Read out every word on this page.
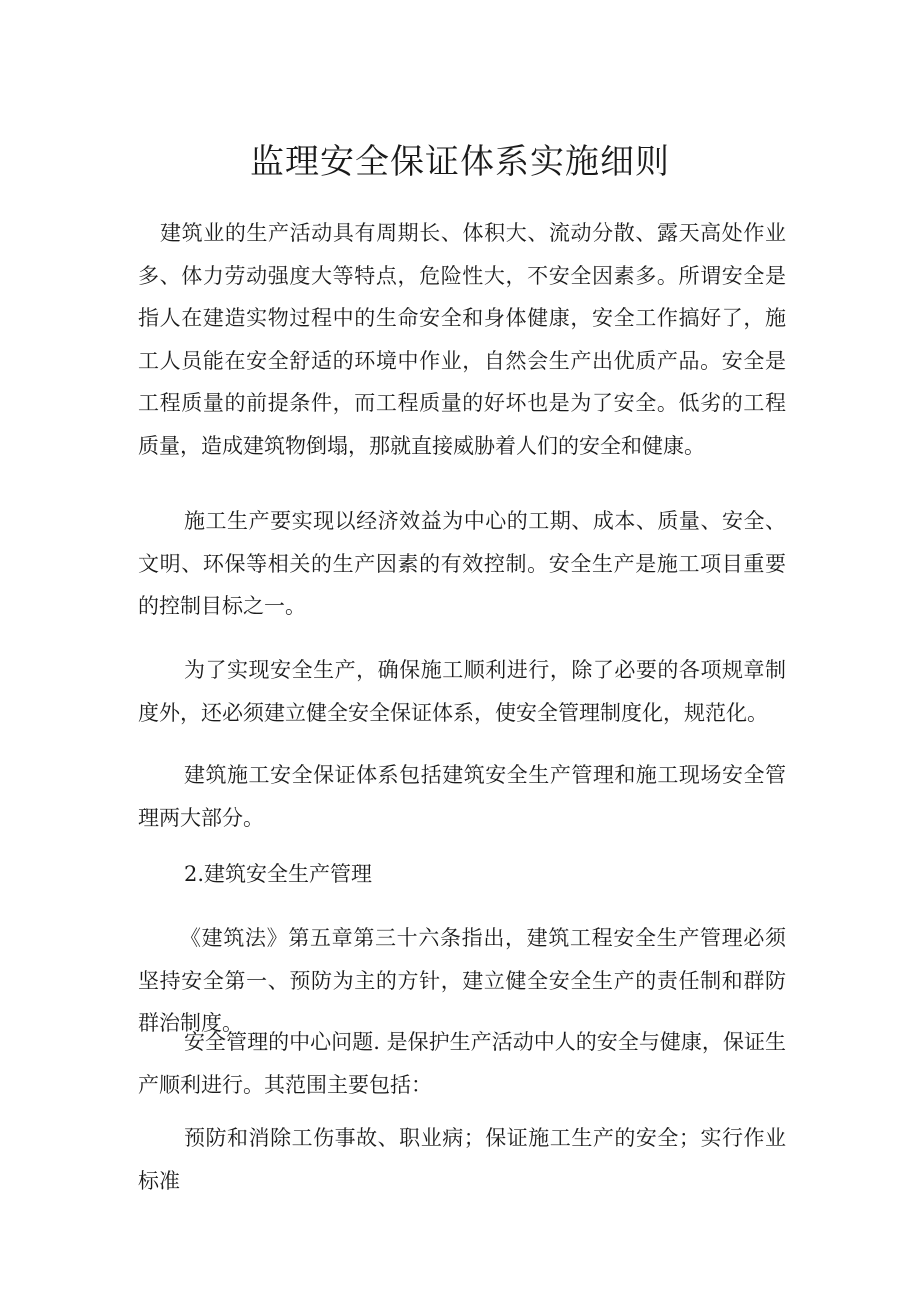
监理安全保证体系实施细则

建筑业的生产活动具有周期长、体积大、流动分散、露天高处作业多、体力劳动强度大等特点，危险性大，不安全因素多。所谓安全是指人在建造实物过程中的生命安全和身体健康，安全工作搞好了，施工人员能在安全舒适的环境中作业，自然会生产出优质产品。安全是工程质量的前提条件，而工程质量的好坏也是为了安全。低劣的工程质量，造成建筑物倒塌，那就直接威胁着人们的安全和健康。

施工生产要实现以经济效益为中心的工期、成本、质量、安全、文明、环保等相关的生产因素的有效控制。安全生产是施工项目重要的控制目标之一。

为了实现安全生产，确保施工顺利进行，除了必要的各项规章制度外，还必须建立健全安全保证体系，使安全管理制度化，规范化。

建筑施工安全保证体系包括建筑安全生产管理和施工现场安全管理两大部分。

2.建筑安全生产管理

《建筑法》第五章第三十六条指出，建筑工程安全生产管理必须坚持安全第一、预防为主的方针，建立健全安全生产的责任制和群防群治制度。

安全管理的中心问题. 是保护生产活动中人的安全与健康，保证生产顺利进行。其范围主要包括：

预防和消除工伤事故、职业病；保证施工生产的安全；实行作业标准
